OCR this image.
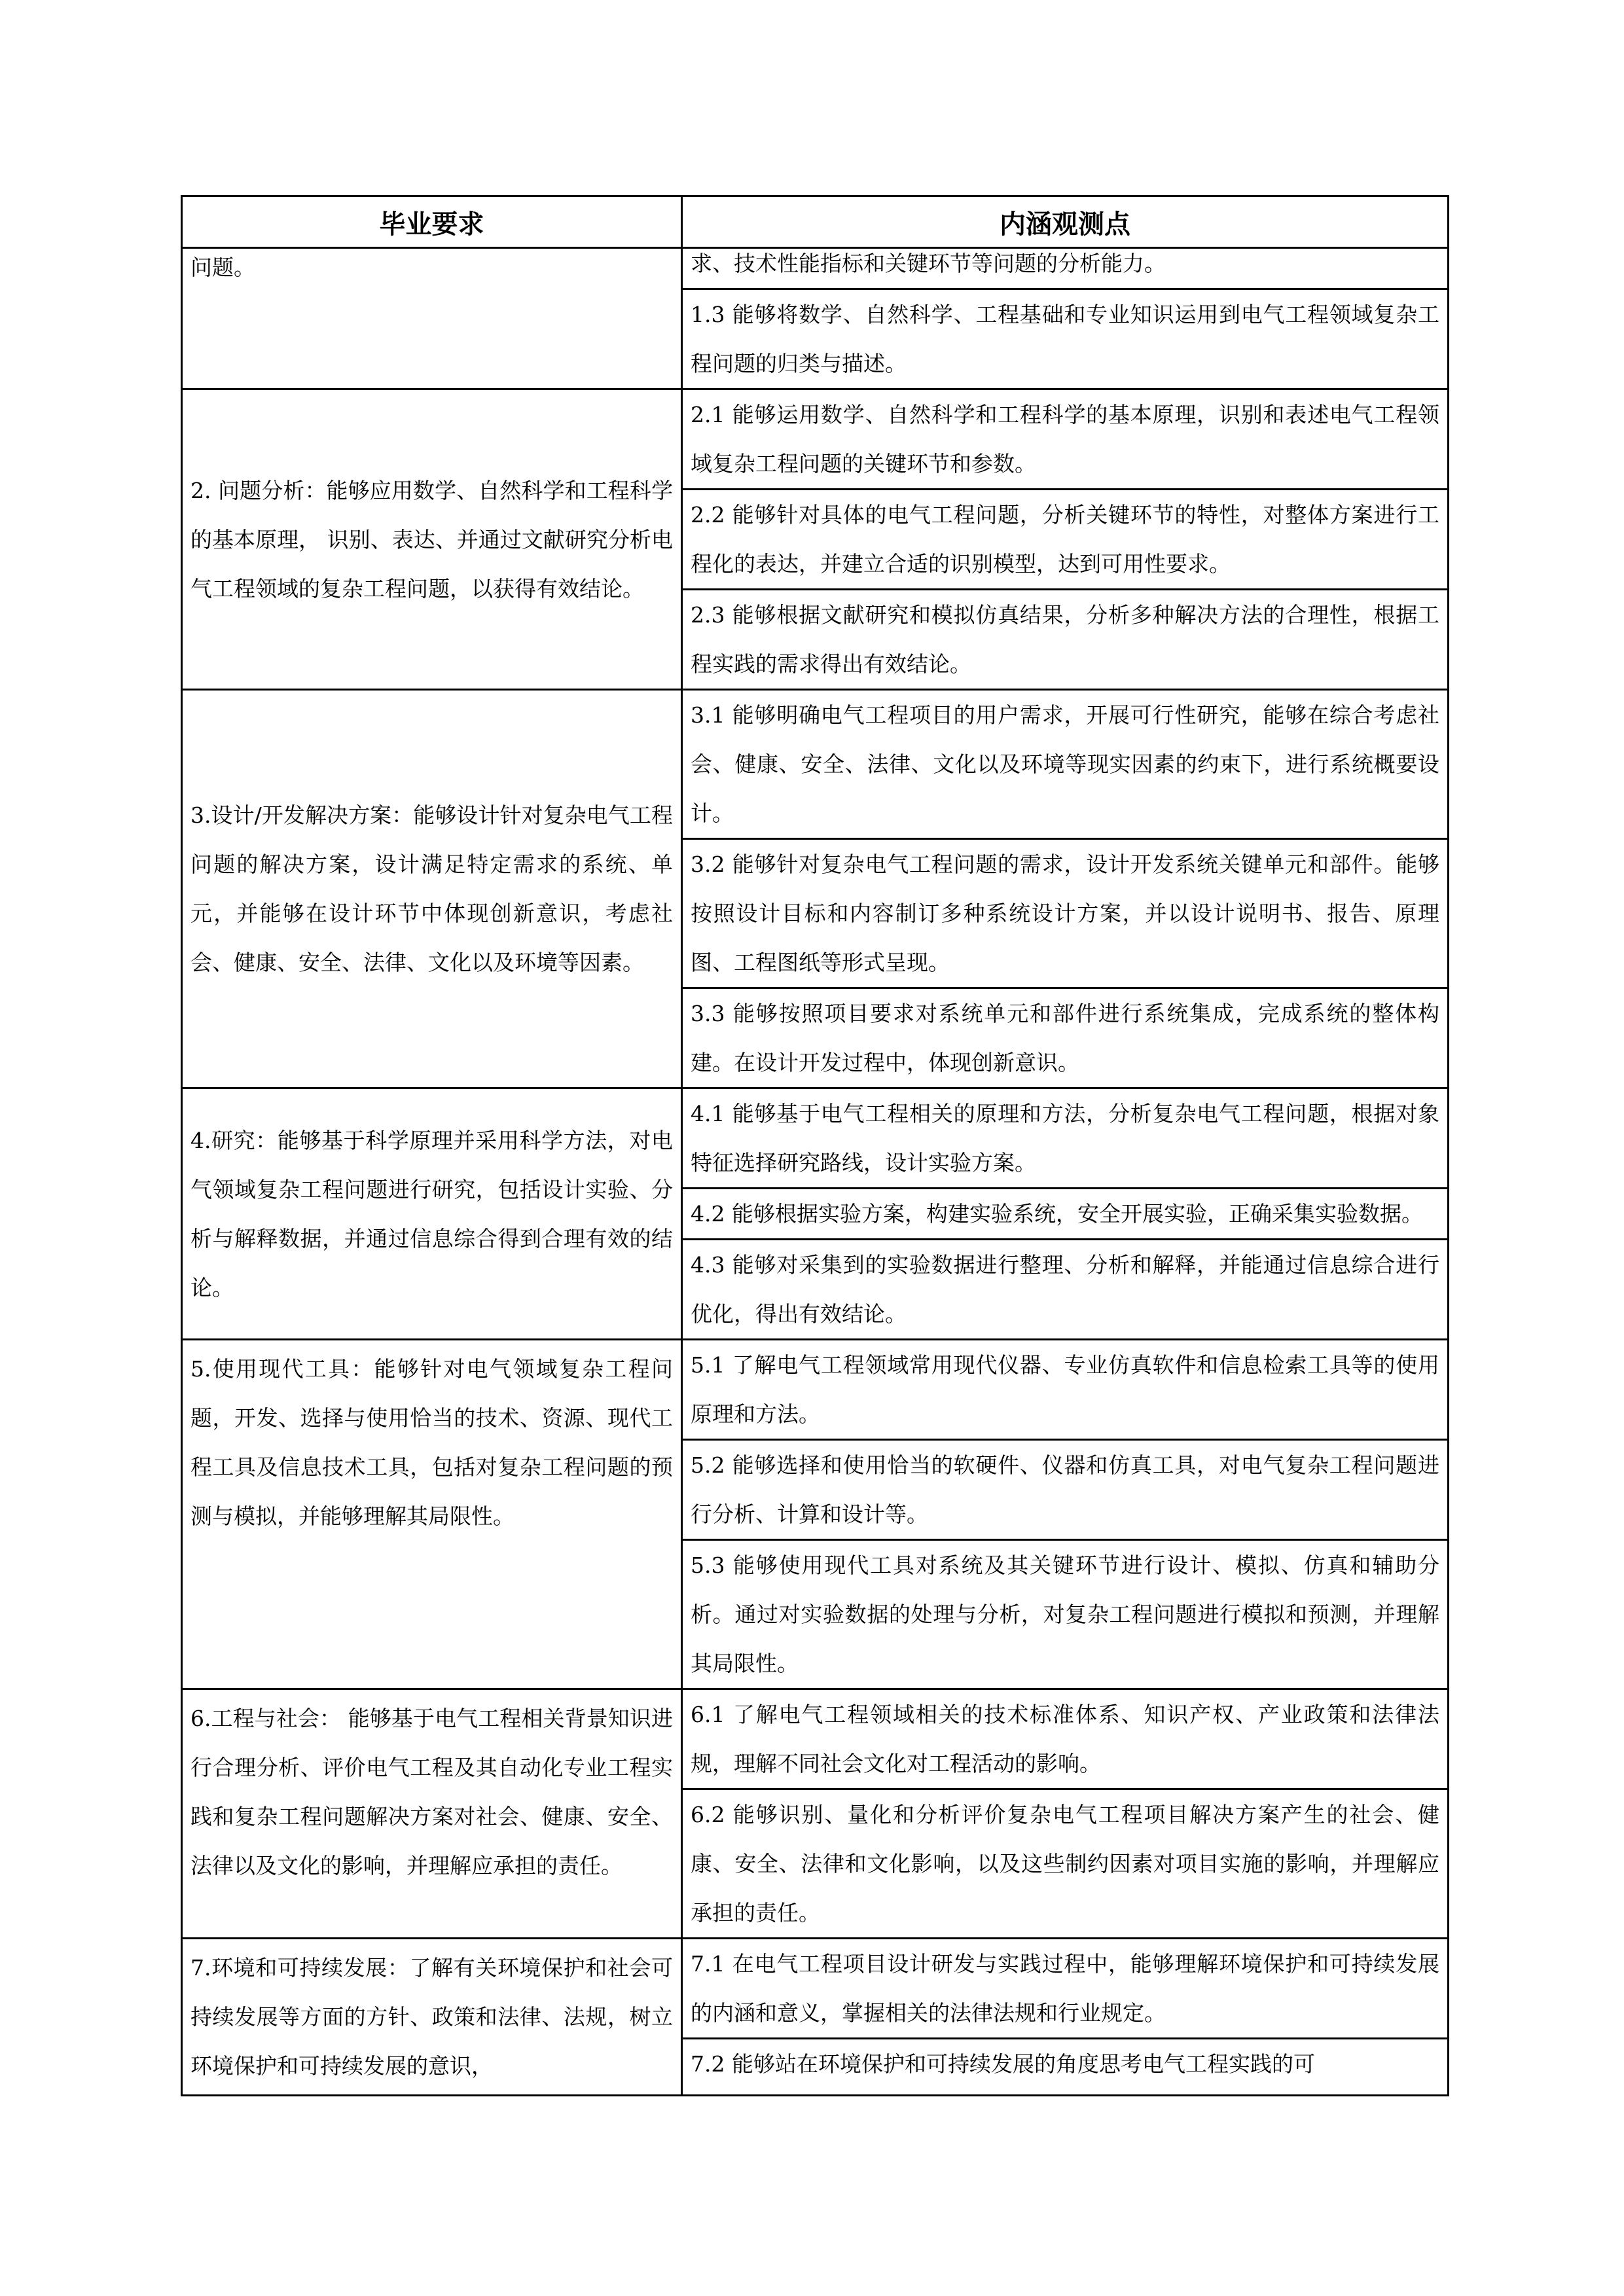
毕业要求	内涵观测点

问题。	求、技术性能指标和关键环节等问题的分析能力。
1.3 能够将数学、自然科学、工程基础和专业知识运用到电气工程领域复杂工程问题的归类与描述。

2. 问题分析：能够应用数学、自然科学和工程科学的基本原理， 识别、表达、并通过文献研究分析电气工程领域的复杂工程问题，以获得有效结论。	2.1 能够运用数学、自然科学和工程科学的基本原理，识别和表述电气工程领域复杂工程问题的关键环节和参数。
2.2 能够针对具体的电气工程问题，分析关键环节的特性，对整体方案进行工程化的表达，并建立合适的识别模型，达到可用性要求。
2.3 能够根据文献研究和模拟仿真结果，分析多种解决方法的合理性，根据工程实践的需求得出有效结论。

3.设计/开发解决方案：能够设计针对复杂电气工程问题的解决方案，设计满足特定需求的系统、单元，并能够在设计环节中体现创新意识，考虑社会、健康、安全、法律、文化以及环境等因素。	3.1 能够明确电气工程项目的用户需求，开展可行性研究，能够在综合考虑社会、健康、安全、法律、文化以及环境等现实因素的约束下，进行系统概要设计。
3.2 能够针对复杂电气工程问题的需求，设计开发系统关键单元和部件。能够按照设计目标和内容制订多种系统设计方案，并以设计说明书、报告、原理图、工程图纸等形式呈现。
3.3 能够按照项目要求对系统单元和部件进行系统集成，完成系统的整体构建。在设计开发过程中，体现创新意识。

4.研究：能够基于科学原理并采用科学方法，对电气领域复杂工程问题进行研究，包括设计实验、分析与解释数据，并通过信息综合得到合理有效的结论。	4.1 能够基于电气工程相关的原理和方法，分析复杂电气工程问题，根据对象特征选择研究路线，设计实验方案。
4.2 能够根据实验方案，构建实验系统，安全开展实验，正确采集实验数据。
4.3 能够对采集到的实验数据进行整理、分析和解释，并能通过信息综合进行优化，得出有效结论。

5.使用现代工具：能够针对电气领域复杂工程问题，开发、选择与使用恰当的技术、资源、现代工程工具及信息技术工具，包括对复杂工程问题的预测与模拟，并能够理解其局限性。	5.1 了解电气工程领域常用现代仪器、专业仿真软件和信息检索工具等的使用原理和方法。
5.2 能够选择和使用恰当的软硬件、仪器和仿真工具，对电气复杂工程问题进行分析、计算和设计等。
5.3 能够使用现代工具对系统及其关键环节进行设计、模拟、仿真和辅助分析。通过对实验数据的处理与分析，对复杂工程问题进行模拟和预测，并理解其局限性。

6.工程与社会： 能够基于电气工程相关背景知识进行合理分析、评价电气工程及其自动化专业工程实践和复杂工程问题解决方案对社会、健康、安全、法律以及文化的影响，并理解应承担的责任。	6.1 了解电气工程领域相关的技术标准体系、知识产权、产业政策和法律法规，理解不同社会文化对工程活动的影响。
6.2 能够识别、量化和分析评价复杂电气工程项目解决方案产生的社会、健康、安全、法律和文化影响，以及这些制约因素对项目实施的影响，并理解应承担的责任。

7.环境和可持续发展：了解有关环境保护和社会可持续发展等方面的方针、政策和法律、法规，树立环境保护和可持续发展的意识，	7.1 在电气工程项目设计研发与实践过程中，能够理解环境保护和可持续发展的内涵和意义，掌握相关的法律法规和行业规定。
7.2 能够站在环境保护和可持续发展的角度思考电气工程实践的可
